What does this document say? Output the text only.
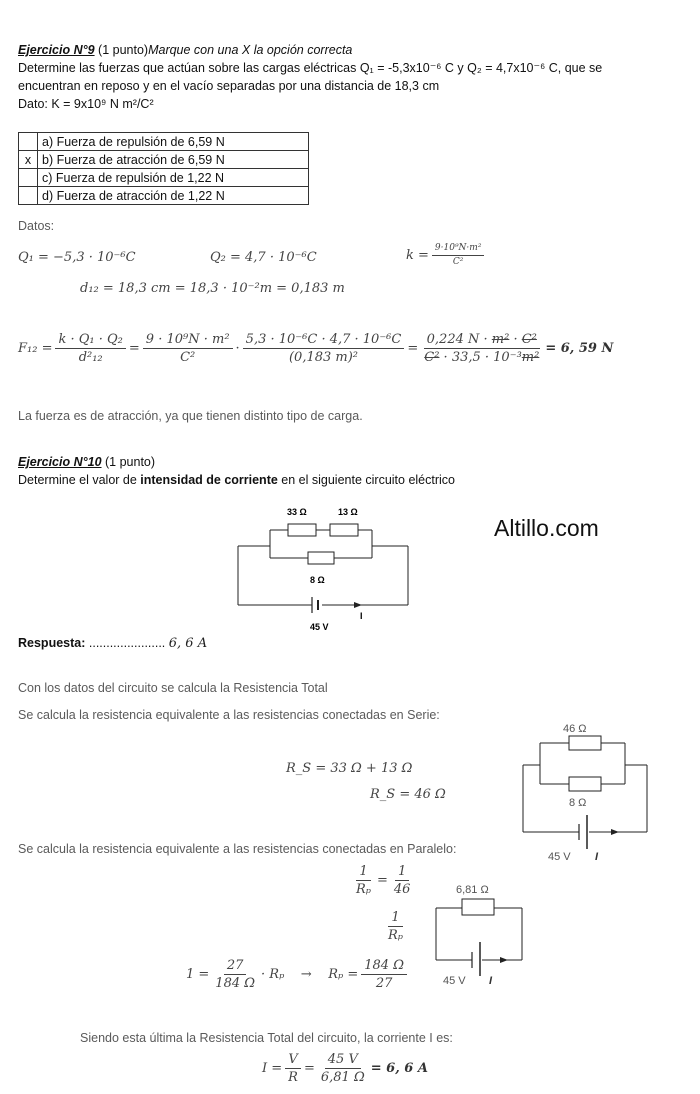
Ejercicio N°9 (1 punto)Marque con una X la opción correcta
Determine las fuerzas que actúan sobre las cargas eléctricas Q₁ = -5,3x10⁻⁶ C y Q₂ = 4,7x10⁻⁶ C, que se
encuentran en reposo y en el vacío separadas por una distancia de 18,3 cm
Dato: K = 9x10⁹ N m²/C²
	a) Fuerza de repulsión de 6,59 N
x	b) Fuerza de atracción de 6,59 N
	c) Fuerza de repulsión de 1,22 N
	d) Fuerza de atracción de 1,22 N
Datos:
Q₁ = −5,3 · 10⁻⁶C	Q₂ = 4,7 · 10⁻⁶C	$k = \frac{\text{9·10⁹N·m²}}{\text{C²}}$
d₁₂ = 18,3 cm = 18,3 · 10⁻²m = 0,183 m
$F_{12} = \frac{\text{k · Q₁ · Q₂}}{\text{d²₁₂}} = \frac{\text{9 · 10⁹N · m²}}{\text{C²}} \cdot \frac{\text{5,3 · 10⁻⁶C · 4,7 · 10⁻⁶C}}{\text{(0,183 m)²}} = \frac{\text{0,224 N · m² · C²}}{\text{C² · 33,5 · 10⁻³m²}} = 6$, 59 N
La fuerza es de atracción, ya que tienen distinto tipo de carga.
Ejercicio N°10 (1 punto)
Determine el valor de intensidad de corriente en el siguiente circuito eléctrico
33 Ω	13 Ω
8 Ω
I
45 V
Altillo.com
Respuesta: ...................... 6, 6 A
Con los datos del circuito se calcula la Resistencia Total
Se calcula la resistencia equivalente a las resistencias conectadas en Serie:
R_S = 33 Ω + 13 Ω
R_S = 46 Ω
46 Ω
8 Ω
45 V I
Se calcula la resistencia equivalente a las resistencias conectadas en Paralelo:
$\frac{1}{\text{Rₚ}} = \frac{1}{46}$
$\frac{1}{\text{Rₚ}}$
$1 = \frac{27}{184 \Omega} \cdot R_p$    →    $R_p = \frac{184 \Omega}{27}$
6,81 Ω
45 V I
Siendo esta última la Resistencia Total del circuito, la corriente I es:
$I = \frac{V}{R} = \frac{45 V}{6,81 \Omega} = 6$, 6 A
